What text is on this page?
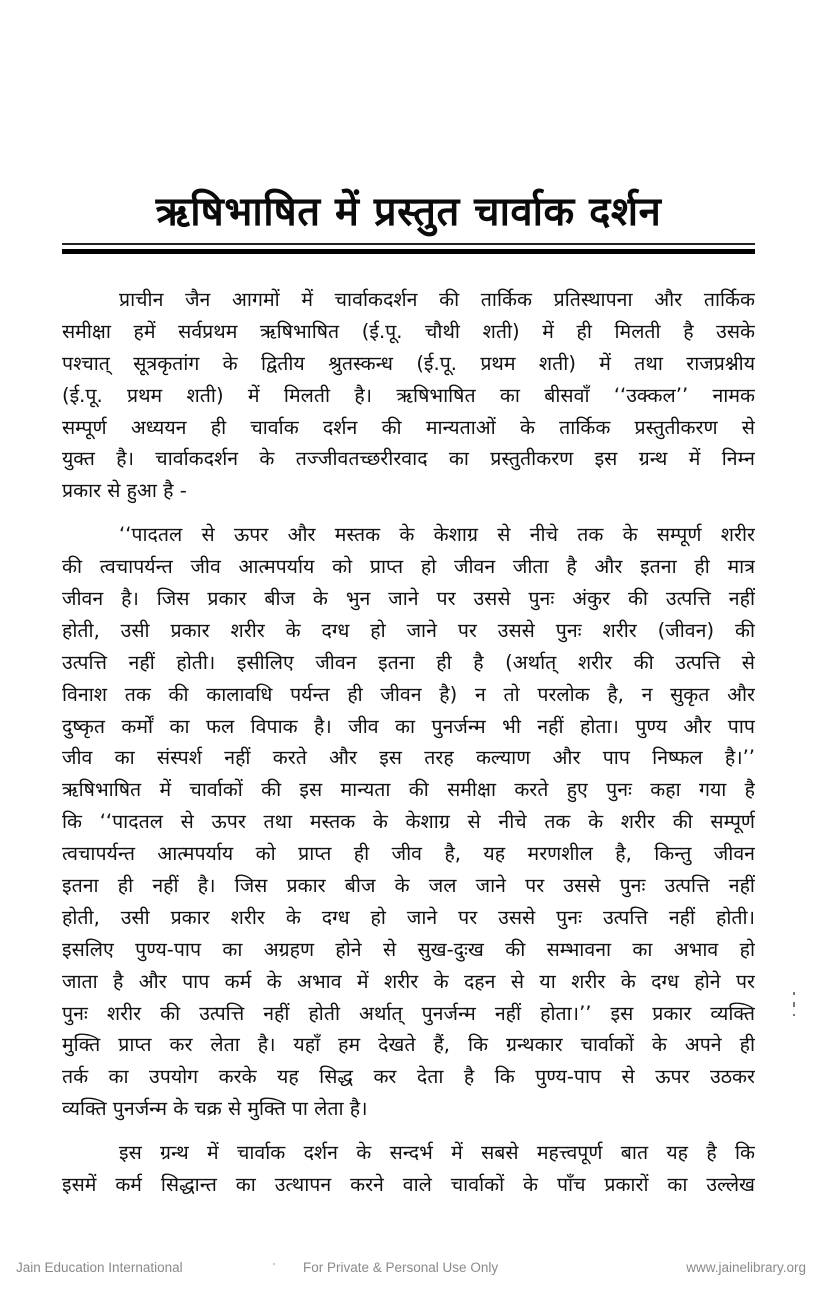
ऋषिभाषित में प्रस्तुत चार्वाक दर्शन

प्राचीन जैन आगमों में चार्वाकदर्शन की तार्किक प्रतिस्थापना और तार्किक
समीक्षा हमें सर्वप्रथम ऋषिभाषित (ई.पू. चौथी शती) में ही मिलती है उसके
पश्चात् सूत्रकृतांग के द्वितीय श्रुतस्कन्ध (ई.पू. प्रथम शती) में तथा राजप्रश्नीय
(ई.पू. प्रथम शती) में मिलती है। ऋषिभाषित का बीसवाँ ‘‘उक्कल’’ नामक
सम्पूर्ण अध्ययन ही चार्वाक दर्शन की मान्यताओं के तार्किक प्रस्तुतीकरण से
युक्त है। चार्वाकदर्शन के तज्जीवतच्छरीरवाद का प्रस्तुतीकरण इस ग्रन्थ में निम्न
प्रकार से हुआ है -

‘‘पादतल से ऊपर और मस्तक के केशाग्र से नीचे तक के सम्पूर्ण शरीर
की त्वचापर्यन्त जीव आत्मपर्याय को प्राप्त हो जीवन जीता है और इतना ही मात्र
जीवन है। जिस प्रकार बीज के भुन जाने पर उससे पुनः अंकुर की उत्पत्ति नहीं
होती, उसी प्रकार शरीर के दग्ध हो जाने पर उससे पुनः शरीर (जीवन) की
उत्पत्ति नहीं होती। इसीलिए जीवन इतना ही है (अर्थात् शरीर की उत्पत्ति से
विनाश तक की कालावधि पर्यन्त ही जीवन है) न तो परलोक है, न सुकृत और
दुष्कृत कर्मों का फल विपाक है। जीव का पुनर्जन्म भी नहीं होता। पुण्य और पाप
जीव का संस्पर्श नहीं करते और इस तरह कल्याण और पाप निष्फल है।’’
ऋषिभाषित में चार्वाकों की इस मान्यता की समीक्षा करते हुए पुनः कहा गया है
कि ‘‘पादतल से ऊपर तथा मस्तक के केशाग्र से नीचे तक के शरीर की सम्पूर्ण
त्वचापर्यन्त आत्मपर्याय को प्राप्त ही जीव है, यह मरणशील है, किन्तु जीवन
इतना ही नहीं है। जिस प्रकार बीज के जल जाने पर उससे पुनः उत्पत्ति नहीं
होती, उसी प्रकार शरीर के दग्ध हो जाने पर उससे पुनः उत्पत्ति नहीं होती।
इसलिए पुण्य-पाप का अग्रहण होने से सुख-दुःख की सम्भावना का अभाव हो
जाता है और पाप कर्म के अभाव में शरीर के दहन से या शरीर के दग्ध होने पर
पुनः शरीर की उत्पत्ति नहीं होती अर्थात् पुनर्जन्म नहीं होता।’’ इस प्रकार व्यक्ति
मुक्ति प्राप्त कर लेता है। यहाँ हम देखते हैं, कि ग्रन्थकार चार्वाकों के अपने ही
तर्क का उपयोग करके यह सिद्ध कर देता है कि पुण्य-पाप से ऊपर उठकर
व्यक्ति पुनर्जन्म के चक्र से मुक्ति पा लेता है।

इस ग्रन्थ में चार्वाक दर्शन के सन्दर्भ में सबसे महत्त्वपूर्ण बात यह है कि
इसमें कर्म सिद्धान्त का उत्थापन करने वाले चार्वाकों के पाँच प्रकारों का उल्लेख

Jain Education International	' For Private & Personal Use Only	www.jainelibrary.org
